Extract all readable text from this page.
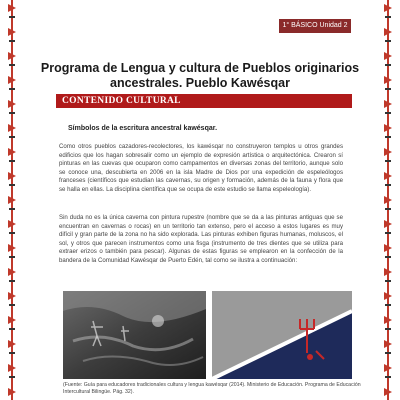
1° BÁSICO Unidad 2
Programa de Lengua y cultura de Pueblos originarios
ancestrales. Pueblo Kawésqar
CONTENIDO CULTURAL
Símbolos de la escritura ancestral kawésqar.
Como otros pueblos cazadores-recolectores, los kawésqar no construyeron templos u otros grandes edificios que los hagan sobresalir como un ejemplo de expresión artística o arquitectónica. Crearon sí pinturas en las cuevas que ocuparon como campamentos en diversas zonas del territorio, aunque solo se conoce una, descubierta en 2006 en la isla Madre de Dios por una expedición de espeleólogos franceses (científicos que estudian las cavernas, su origen y formación, además de la fauna y flora que se halla en ellas. La disciplina científica que se ocupa de este estudio se llama espeleología).
Sin duda no es la única caverna con pintura rupestre (nombre que se da a las pinturas antiguas que se encuentran en cavernas o rocas) en un territorio tan extenso, pero el acceso a estos lugares es muy difícil y gran parte de la zona no ha sido explorada. Las pinturas exhiben figuras humanas, moluscos, el sol, y otros que parecen instrumentos como una fisga (instrumento de tres dientes que se utiliza para extraer erizos o también para pescar). Algunas de estas figuras se emplearon en la confección de la bandera de la Comunidad Kawésqar de Puerto Edén, tal como se ilustra a continuación:
(Fuente: Guía para educadores tradicionales cultura y lengua kawésqar (2014). Ministerio de Educación. Programa de Educación Intercultural Bilingüe. Pág. 32).
